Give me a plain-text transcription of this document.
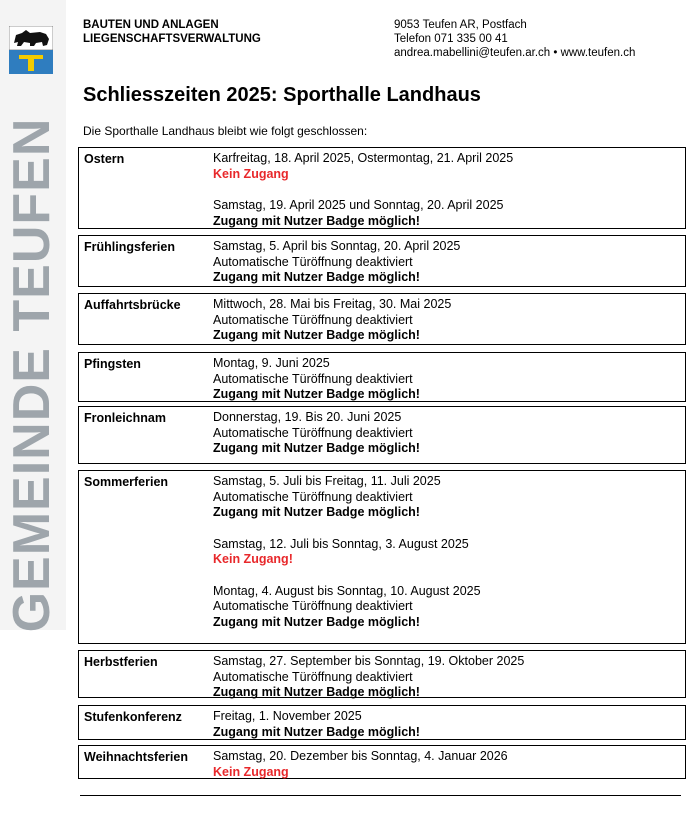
GEMEINDE TEUFEN
BAUTEN UND ANLAGEN
LIEGENSCHAFTSVERWALTUNG
9053 Teufen AR, Postfach
Telefon 071 335 00 41
andrea.mabellini@teufen.ar.ch • www.teufen.ch
Schliesszeiten 2025: Sporthalle Landhaus
Die Sporthalle Landhaus bleibt wie folgt geschlossen:
Ostern	Karfreitag, 18. April 2025, Ostermontag, 21. April 2025
Kein Zugang
Samstag, 19. April 2025 und Sonntag, 20. April 2025
Zugang mit Nutzer Badge möglich!
Frühlingsferien	Samstag, 5. April bis Sonntag, 20. April 2025
Automatische Türöffnung deaktiviert
Zugang mit Nutzer Badge möglich!
Auffahrtsbrücke	Mittwoch, 28. Mai bis Freitag, 30. Mai 2025
Automatische Türöffnung deaktiviert
Zugang mit Nutzer Badge möglich!
Pfingsten	Montag, 9. Juni 2025
Automatische Türöffnung deaktiviert
Zugang mit Nutzer Badge möglich!
Fronleichnam	Donnerstag, 19. Bis 20. Juni 2025
Automatische Türöffnung deaktiviert
Zugang mit Nutzer Badge möglich!
Sommerferien	Samstag, 5. Juli bis Freitag, 11. Juli 2025
Automatische Türöffnung deaktiviert
Zugang mit Nutzer Badge möglich!
Samstag, 12. Juli bis Sonntag, 3. August 2025
Kein Zugang!
Montag, 4. August bis Sonntag, 10. August 2025
Automatische Türöffnung deaktiviert
Zugang mit Nutzer Badge möglich!
Herbstferien	Samstag, 27. September bis Sonntag, 19. Oktober 2025
Automatische Türöffnung deaktiviert
Zugang mit Nutzer Badge möglich!
Stufenkonferenz Freitag, 1. November 2025
Zugang mit Nutzer Badge möglich!
Weihnachtsferien Samstag, 20. Dezember bis Sonntag, 4. Januar 2026
Kein Zugang
